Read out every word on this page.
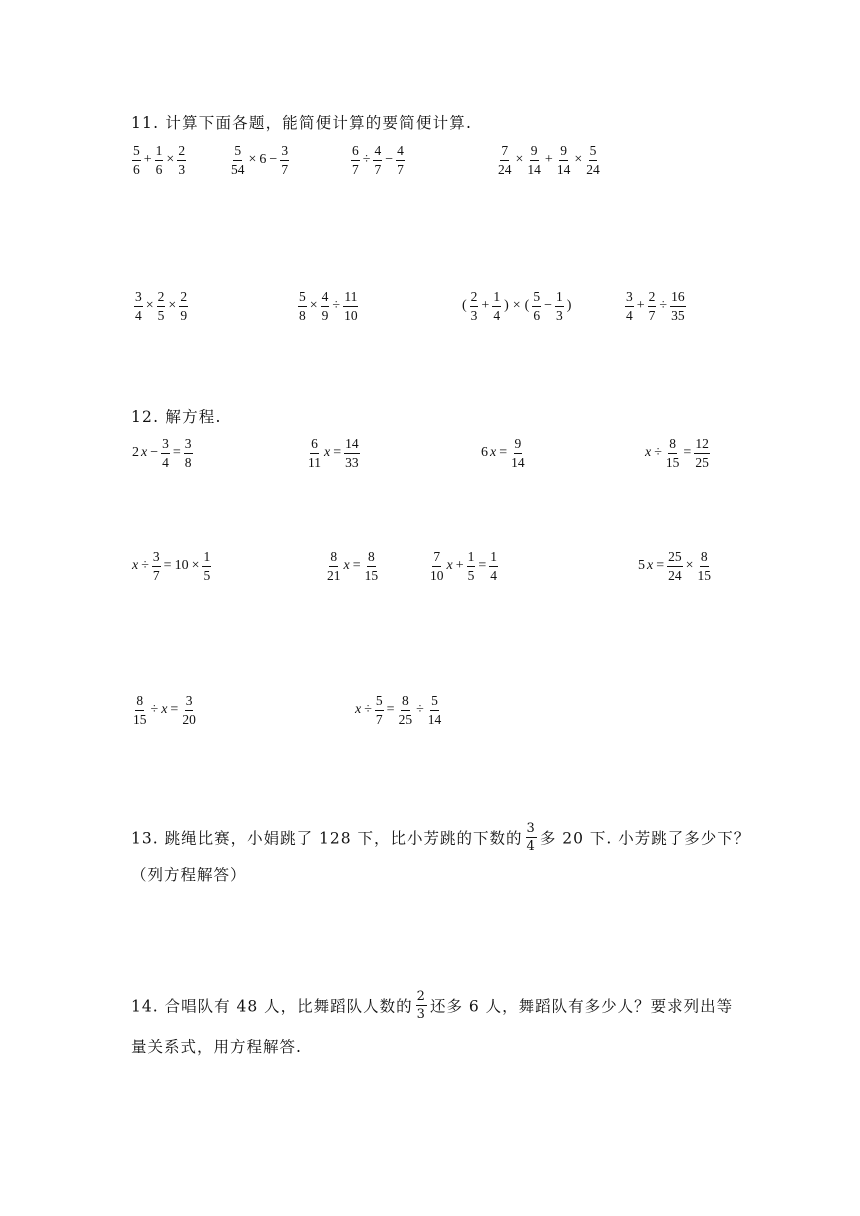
11. 计算下面各题，能简便计算的要简便计算.
$\frac{5}{6} + \frac{1}{6} \times \frac{2}{3}$	$\frac{5}{54} \times 6 - \frac{3}{7}$	$\frac{6}{7} \div \frac{4}{7} - \frac{4}{7}$	$\frac{7}{24} \times \frac{9}{14} + \frac{9}{14} \times \frac{5}{24}$
$\frac{3}{4} \times \frac{2}{5} \times \frac{2}{9}$	$\frac{5}{8} \times \frac{4}{9} \div \frac{11}{10}$	( $\frac{2}{3} + \frac{1}{4}$ ) × ( $\frac{5}{6} - \frac{1}{3}$ )	$\frac{3}{4} + \frac{2}{7} \div \frac{16}{35}$
12. 解方程.
2 $x - \frac{3}{4} = \frac{3}{8}$	$\frac{6}{11}$ $x = \frac{14}{33}$	6 $x = \frac{9}{14}$	$x \div \frac{8}{15} = \frac{12}{25}$
$x \div \frac{3}{7} = 10 \times \frac{1}{5}$	$\frac{8}{21}$ $x = \frac{8}{15}$	$\frac{7}{10}$ $x + \frac{1}{5} = \frac{1}{4}$	5 $x = \frac{25}{24} \times \frac{8}{15}$
$\frac{8}{15} \div x = \frac{3}{20}$	$x \div \frac{5}{7} = \frac{8}{25} \div \frac{5}{14}$
13. 跳绳比赛，小娟跳了 128 下，比小芳跳的下数的 $\frac{3}{4}$ 多 20 下. 小芳跳了多少下？
（列方程解答）
14. 合唱队有 48 人，比舞蹈队人数的 $\frac{2}{3}$ 还多 6 人，舞蹈队有多少人？要求列出等
量关系式，用方程解答.
